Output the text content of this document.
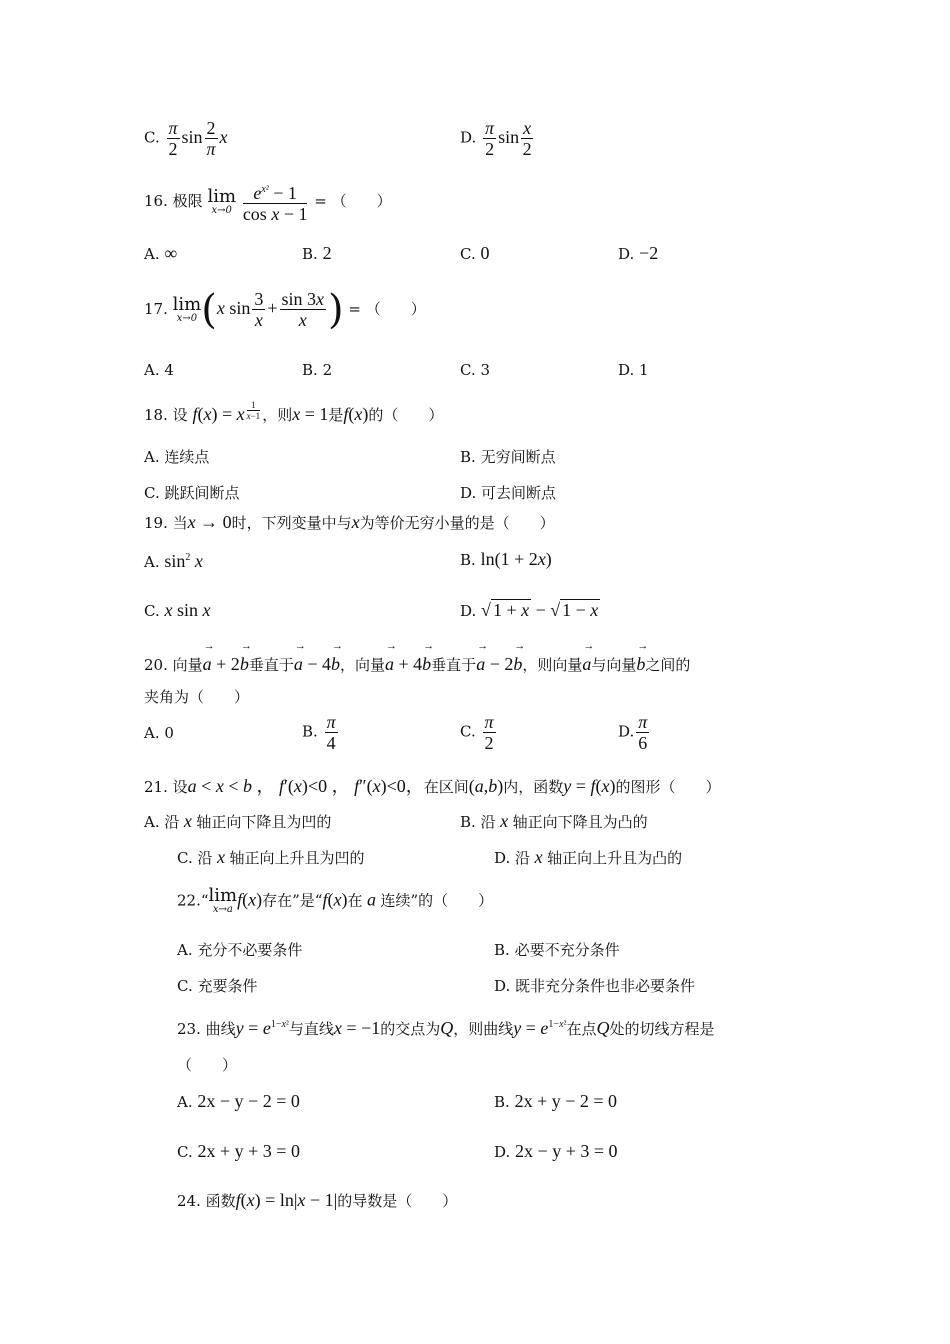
C. $\frac{\pi}{2}$ $\sin \frac{2}{\pi}$ x	D. $\frac{\pi}{2}$ $\sin \frac{x}{2}$
16. 极限 lim
x→0
$\frac{e^{x^2} - 1}{\text{cos x − 1}}$ = （　　）
A. ∞	B. 2	C. 0	D. −2
17. lim
x→0 (x $\sin \frac{3}{x} + \frac{\sin 3x}{x}$ ) = （　　）
A. 4	B. 2	C. 3	D. 1
18. 设 f(x) = x $^{\frac{1}{x-1}}$ ，则x = 1是f(x)的（　　）
A. 连续点	B. 无穷间断点
C. 跳跃间断点	D. 可去间断点
19. 当x → 0时，下列变量中与x为等价无穷小量的是（　　）
A. $\sin^2 x$	B. ln(1 + 2x)
C. x sin x	D. √ 1 + x − √ 1 − x
20. 向量→ a + 2→ b垂直于→ a − 4→ b，向量→ a + 4→ b垂直于→ a − 2→ b，则向量→ a与向量→ b之间的
夹角为（　　）
A. 0	B. $\frac{\pi}{4}$	C. $\frac{\pi}{2}$	D. $\frac{\pi}{6}$
21. 设a < x < b ， f′(x)<0 ， f″(x)<0，在区间(a,b)内，函数y = f(x)的图形（　　）
A. 沿 x 轴正向下降且为凹的	B. 沿 x 轴正向下降且为凸的
C. 沿 x 轴正向上升且为凹的	D. 沿 x 轴正向上升且为凸的
22.“ lim
x→a f(x)存在”是“f(x)在 a 连续”的（　　）
A. 充分不必要条件	B. 必要不充分条件
C. 充要条件	D. 既非充分条件也非必要条件
23. 曲线$y = e^{1-x^2}$与直线x = −1的交点为Q，则曲线$y = e^{1-x^2}$在点Q处的切线方程是
（　　）
A. 2x − y − 2 = 0	B. 2x + y − 2 = 0
C. 2x + y + 3 = 0	D. 2x − y + 3 = 0
24. 函数f(x) = ln|x − 1|的导数是（　　）
